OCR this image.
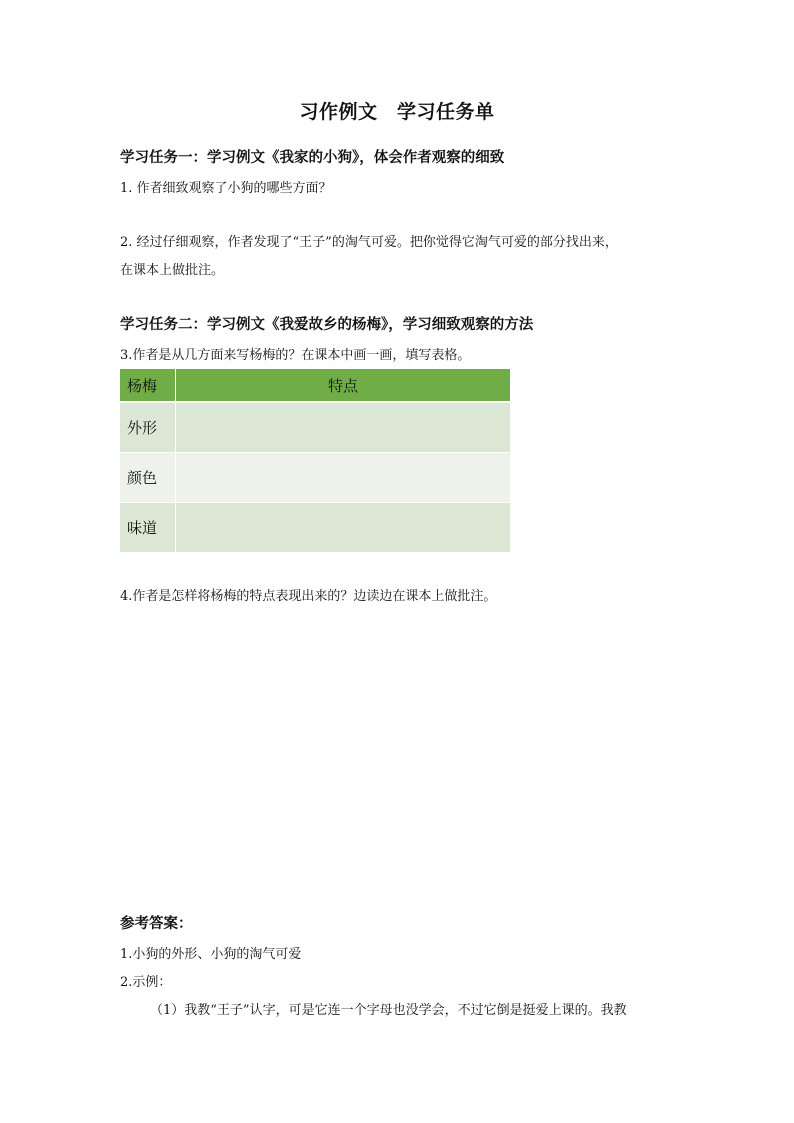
习作例文　学习任务单
学习任务一：学习例文《我家的小狗》，体会作者观察的细致
1. 作者细致观察了小狗的哪些方面？
2. 经过仔细观察，作者发现了“王子”的淘气可爱。把你觉得它淘气可爱的部分找出来，
在课本上做批注。
学习任务二：学习例文《我爱故乡的杨梅》，学习细致观察的方法
3.作者是从几方面来写杨梅的？在课本中画一画，填写表格。
杨梅	特点
外形	
颜色	
味道	
4.作者是怎样将杨梅的特点表现出来的？边读边在课本上做批注。
参考答案：
1.小狗的外形、小狗的淘气可爱
2.示例：
（1）我教“王子”认字，可是它连一个字母也没学会，不过它倒是挺爱上课的。我教
